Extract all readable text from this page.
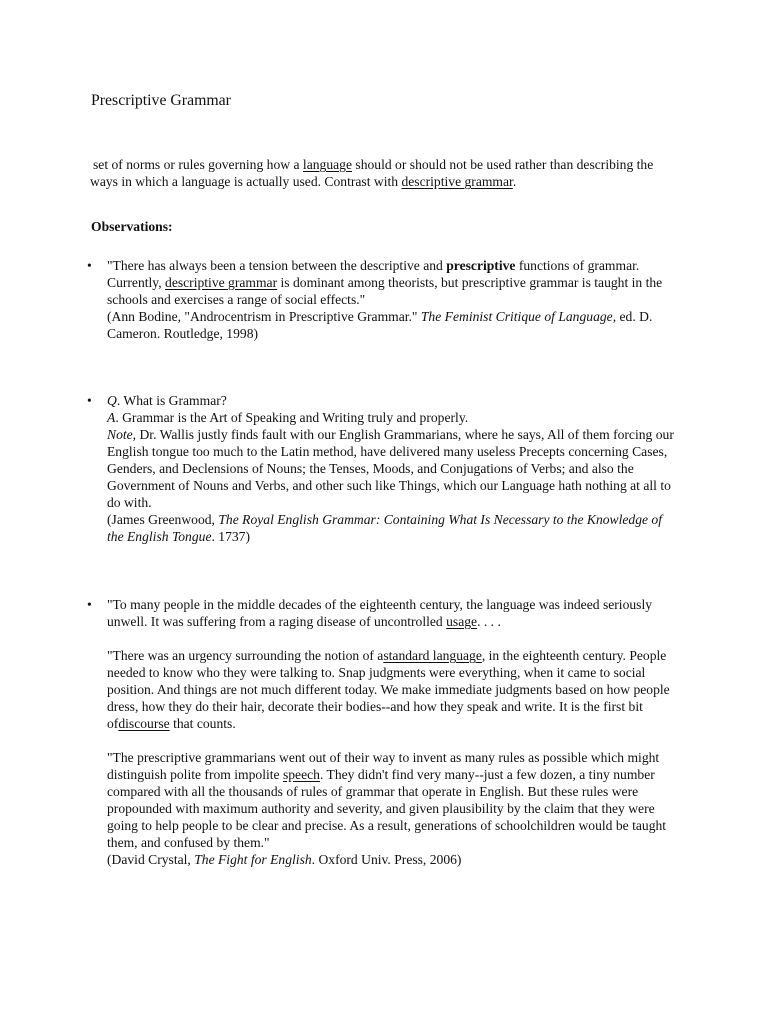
Prescriptive Grammar
set of norms or rules governing how a language should or should not be used rather than describing the
ways in which a language is actually used. Contrast with descriptive grammar.
Observations:
•	"There has always been a tension between the descriptive and prescriptive functions of grammar.
Currently, descriptive grammar is dominant among theorists, but prescriptive grammar is taught in the schools and exercises a range of social effects."

(Ann Bodine, "Androcentrism in Prescriptive Grammar." The Feminist Critique of Language, ed. D. Cameron. Routledge, 1998)

•	Q. What is Grammar?

A. Grammar is the Art of Speaking and Writing truly and properly.

Note, Dr. Wallis justly finds fault with our English Grammarians, where he says, All of them forcing our English tongue too much to the Latin method, have delivered many useless Precepts concerning Cases, Genders, and Declensions of Nouns; the Tenses, Moods, and Conjugations of Verbs; and also the Government of Nouns and Verbs, and other such like Things, which our Language hath nothing at all to do with.

(James Greenwood, The Royal English Grammar: Containing What Is Necessary to the Knowledge of the English Tongue. 1737)

•	"To many people in the middle decades of the eighteenth century, the language was indeed seriously unwell. It was suffering from a raging disease of uncontrolled usage. . . .

"There was an urgency surrounding the notion of astandard language, in the eighteenth century. People needed to know who they were talking to. Snap judgments were everything, when it came to social position. And things are not much different today. We make immediate judgments based on how people dress, how they do their hair, decorate their bodies--and how they speak and write. It is the first bit ofdiscourse that counts.

"The prescriptive grammarians went out of their way to invent as many rules as possible which might distinguish polite from impolite speech. They didn't find very many--just a few dozen, a tiny number compared with all the thousands of rules of grammar that operate in English. But these rules were propounded with maximum authority and severity, and given plausibility by the claim that they were going to help people to be clear and precise. As a result, generations of schoolchildren would be taught them, and confused by them."

(David Crystal, The Fight for English. Oxford Univ. Press, 2006)
